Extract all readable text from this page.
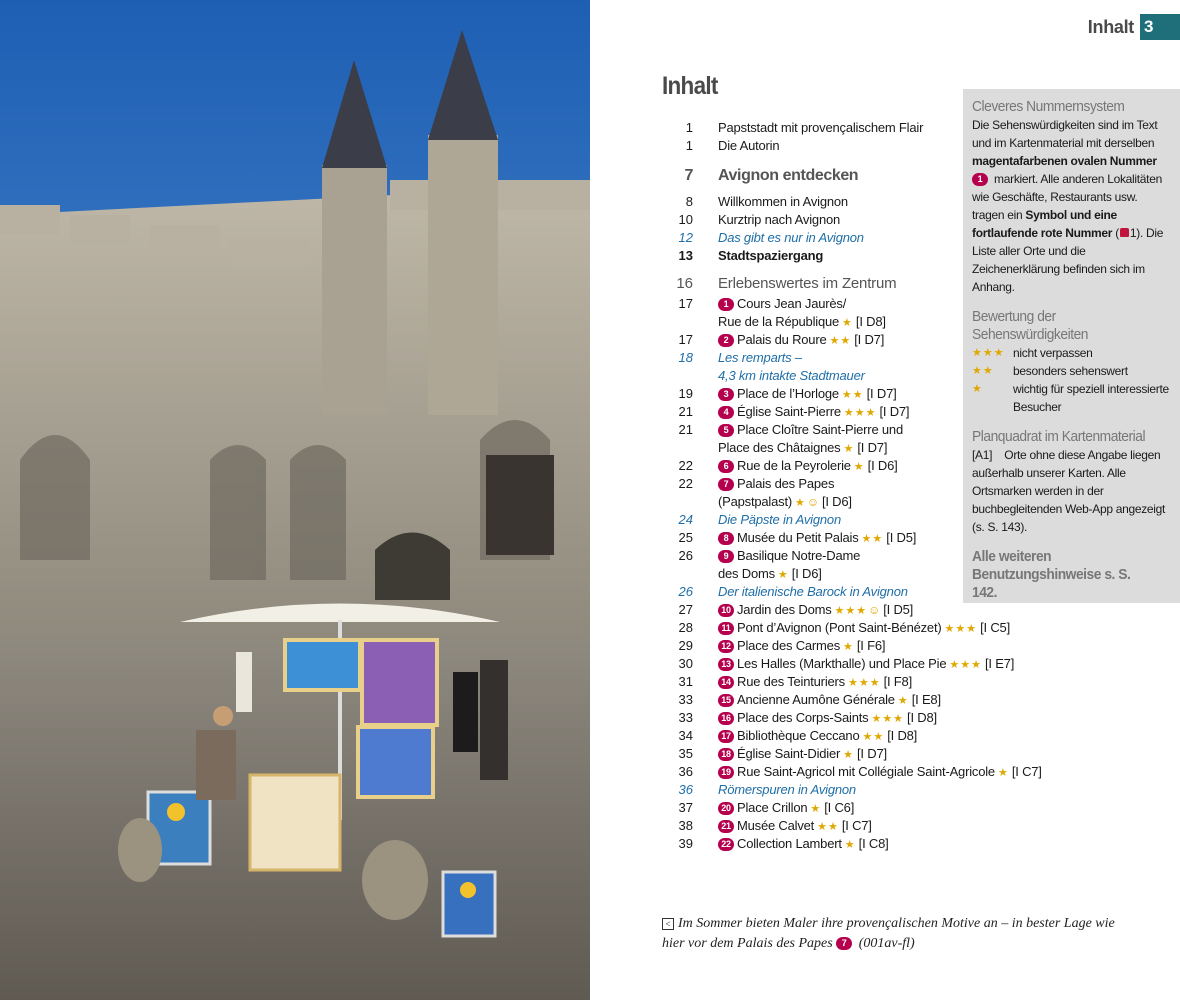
Inhalt 3
Inhalt
1 Papststadt mit provençalischem Flair
1 Die Autorin
7 Avignon entdecken
8 Willkommen in Avignon
10 Kurztrip nach Avignon
12 Das gibt es nur in Avignon
13 Stadtspaziergang
16 Erlebenswertes im Zentrum
17	1 Cours Jean Jaurès/
Rue de la République ★ [I D8]
17	2 Palais du Roure ★★ [I D7]
18 Les remparts –
4,3 km intakte Stadtmauer
19	3 Place de l’Horloge ★★ [I D7]
21	4 Église Saint-Pierre ★★★ [I D7]
21	5 Place Cloître Saint-Pierre und
Place des Châtaignes ★ [I D7]
22	6 Rue de la Peyrolerie ★ [I D6]
22	7 Palais des Papes
(Papstpalast) ★☺ [I D6]
24 Die Päpste in Avignon
25	8 Musée du Petit Palais ★★ [I D5]
26	9 Basilique Notre-Dame
des Doms ★ [I D6]
26 Der italienische Barock in Avignon
27	10 Jardin des Doms ★★★☺ [I D5]
28	11 Pont d’Avignon (Pont Saint-Bénézet) ★★★ [I C5]
29	12 Place des Carmes ★ [I F6]
30	13 Les Halles (Markthalle) und Place Pie ★★★ [I E7]
31	14 Rue des Teinturiers ★★★ [I F8]
33	15 Ancienne Aumône Générale ★ [I E8]
33	16 Place des Corps-Saints ★★★ [I D8]
34	17 Bibliothèque Ceccano ★★ [I D8]
35	18 Église Saint-Didier ★ [I D7]
36	19 Rue Saint-Agricol mit Collégiale Saint-Agricole ★ [I C7]
36 Römerspuren in Avignon
37	20 Place Crillon ★ [I C6]
38	21 Musée Calvet ★★ [I C7]
39	22 Collection Lambert ★ [I C8]
Cleveres Nummernsystem
Die Sehenswürdigkeiten sind im Text und im Kartenmaterial mit derselben magentafarbenen ovalen Nummer 1 markiert. Alle anderen Lokalitäten wie Geschäfte, Restaurants usw. tragen ein Symbol und eine fortlaufende rote Nummer ( 1). Die Liste aller Orte und die Zeichenerklärung befinden sich im Anhang.
Bewertung der Sehenswürdigkeiten
★★★ nicht verpassen
★★	besonders sehenswert
★	wichtig für speziell interessierte Besucher
Planquadrat im Kartenmaterial
[A1] Orte ohne diese Angabe liegen außerhalb unserer Karten. Alle Ortsmarken werden in der buchbegleitenden Web-App angezeigt (s. S. 143).
Alle weiteren Benutzungshinweise s. S. 142.
< Im Sommer bieten Maler ihre provençalischen Motive an – in bester Lage wie hier vor dem Palais des Papes 7 (001av-fl)
